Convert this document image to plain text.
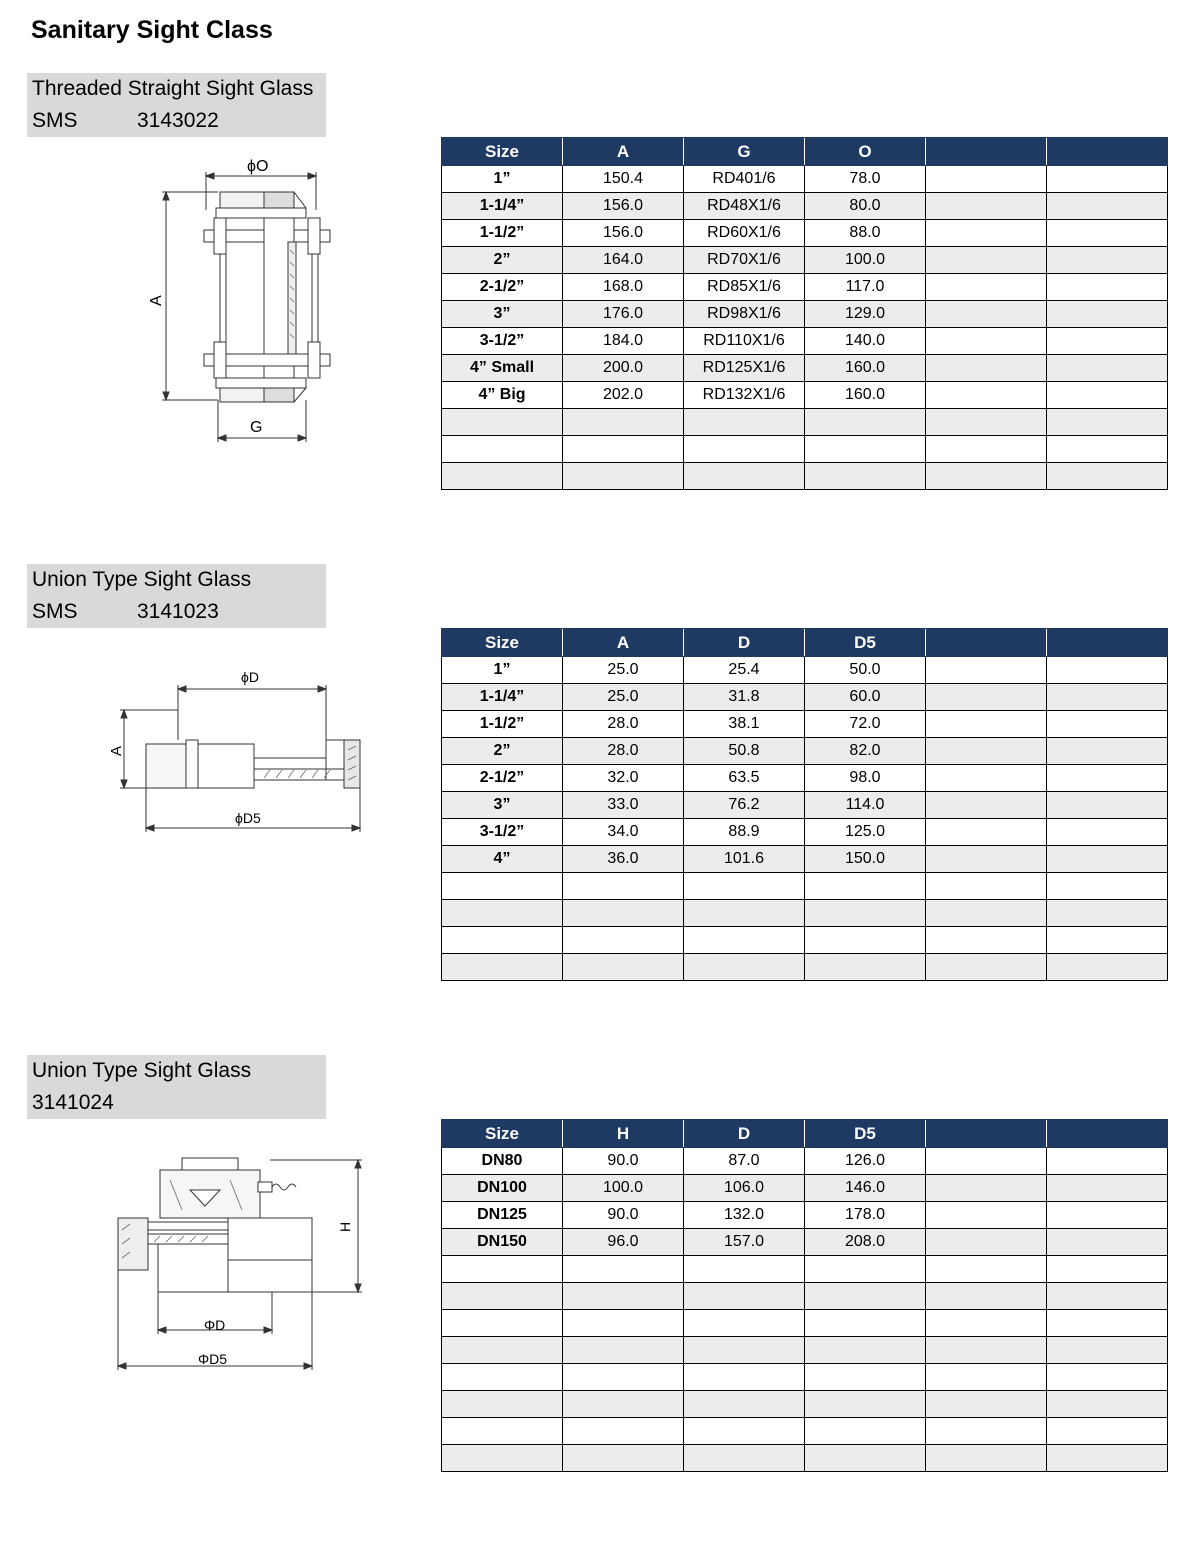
Sanitary Sight Class
Threaded Straight Sight Glass
SMS	3143022
ϕO
A
G
Size	A	G	O		
1”	150.4	RD401/6	78.0		
1-1/4”	156.0	RD48X1/6	80.0		
1-1/2”	156.0	RD60X1/6	88.0		
2”	164.0	RD70X1/6	100.0		
2-1/2”	168.0	RD85X1/6	117.0		
3”	176.0	RD98X1/6	129.0		
3-1/2”	184.0	RD110X1/6	140.0		
4” Small	200.0	RD125X1/6	160.0		
4” Big	202.0	RD132X1/6	160.0		

Union Type Sight Glass
SMS	3141023
ϕD
A
ϕD5
Size	A	D	D5		
1”	25.0	25.4	50.0		
1-1/4”	25.0	31.8	60.0		
1-1/2”	28.0	38.1	72.0		
2”	28.0	50.8	82.0		
2-1/2”	32.0	63.5	98.0		
3”	33.0	76.2	114.0		
3-1/2”	34.0	88.9	125.0		
4”	36.0	101.6	150.0		

Union Type Sight Glass
3141024
H
ΦD
ΦD5
Size	H	D	D5		
DN80	90.0	87.0	126.0		
DN100	100.0	106.0	146.0		
DN125	90.0	132.0	178.0		
DN150	96.0	157.0	208.0		
